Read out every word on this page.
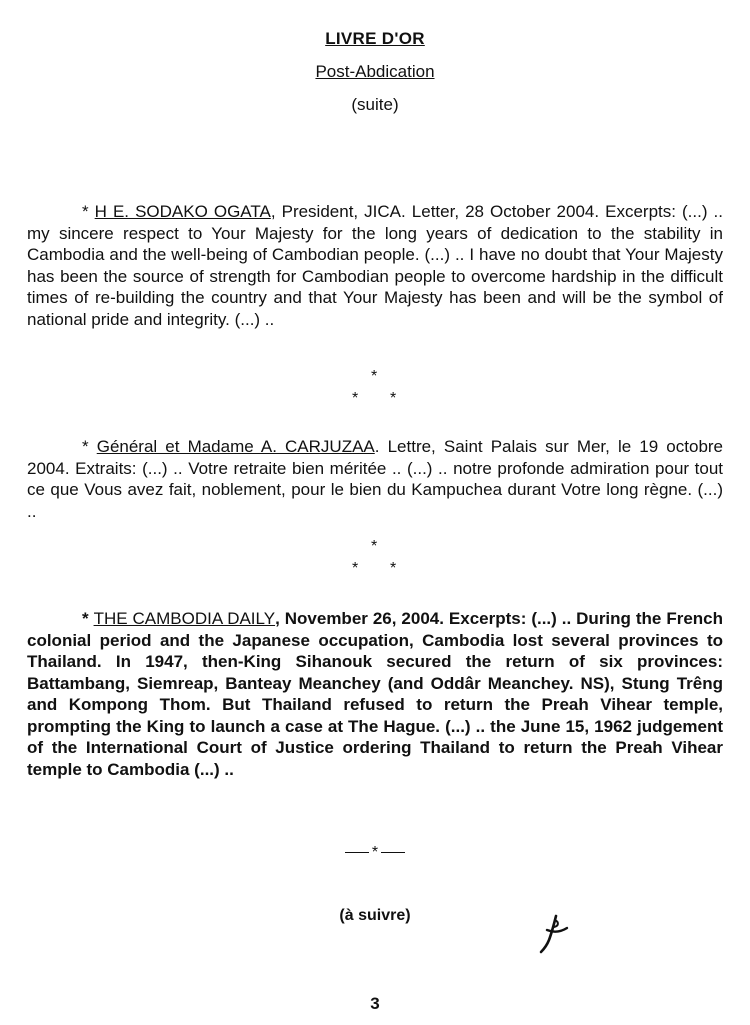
LIVRE D'OR
Post-Abdication
(suite)

* H E. SODAKO OGATA, President, JICA. Letter, 28 October 2004. Excerpts: (...) .. my sincere respect to Your Majesty for the long years of dedication to the stability in Cambodia and the well-being of Cambodian people. (...) .. I have no doubt that Your Majesty has been the source of strength for Cambodian people to overcome hardship in the difficult times of re-building the country and that Your Majesty has been and will be the symbol of national pride and integrity. (...) ..

*
* *

* Général et Madame A. CARJUZAA. Lettre, Saint Palais sur Mer, le 19 octobre 2004. Extraits: (...) .. Votre retraite bien méritée .. (...) .. notre profonde admiration pour tout ce que Vous avez fait, noblement, pour le bien du Kampuchea durant Votre long règne. (...) ..

*
* *

* THE CAMBODIA DAILY, November 26, 2004. Excerpts: (...) .. During the French colonial period and the Japanese occupation, Cambodia lost several provinces to Thailand. In 1947, then-King Sihanouk secured the return of six provinces: Battambang, Siemreap, Banteay Meanchey (and Oddâr Meanchey. NS), Stung Trêng and Kompong Thom. But Thailand refused to return the Preah Vihear temple, prompting the King to launch a case at The Hague. (...) .. the June 15, 1962 judgement of the International Court of Justice ordering Thailand to return the Preah Vihear temple to Cambodia (...) ..

*
(à suivre)
3
